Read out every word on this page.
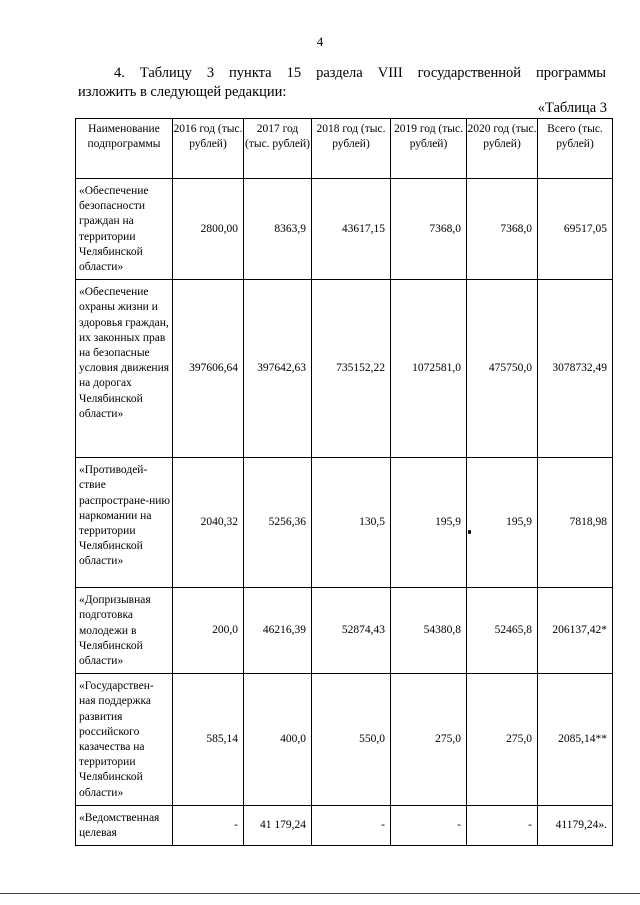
4
4. Таблицу 3 пункта 15 раздела VIII государственной программы
изложить в следующей редакции:
«Таблица 3
Наименование подпрограммы	2016 год (тыс. рублей)	2017 год (тыс. рублей)	2018 год (тыс. рублей)	2019 год (тыс. рублей)	2020 год (тыс. рублей)	Всего (тыс. рублей)
«Обеспечение безопасности граждан на территории Челябинской области»	2800,00	8363,9	43617,15	7368,0	7368,0	69517,05
«Обеспечение охраны жизни и здоровья граждан, их законных прав на безопасные условия движения на дорогах Челябинской области»	397606,64	397642,63	735152,22	1072581,0	475750,0	3078732,49
«Противодей-ствие распростране-нию наркомании на территории Челябинской области»	2040,32	5256,36	130,5	195,9	195,9	7818,98
«Допризывная подготовка молодежи в Челябинской области»	200,0	46216,39	52874,43	54380,8	52465,8	206137,42*
«Государствен-ная поддержка развития российского казачества на территории Челябинской области»	585,14	400,0	550,0	275,0	275,0	2085,14**
«Ведомственная целевая	-	41 179,24	-	-	-	41179,24».
